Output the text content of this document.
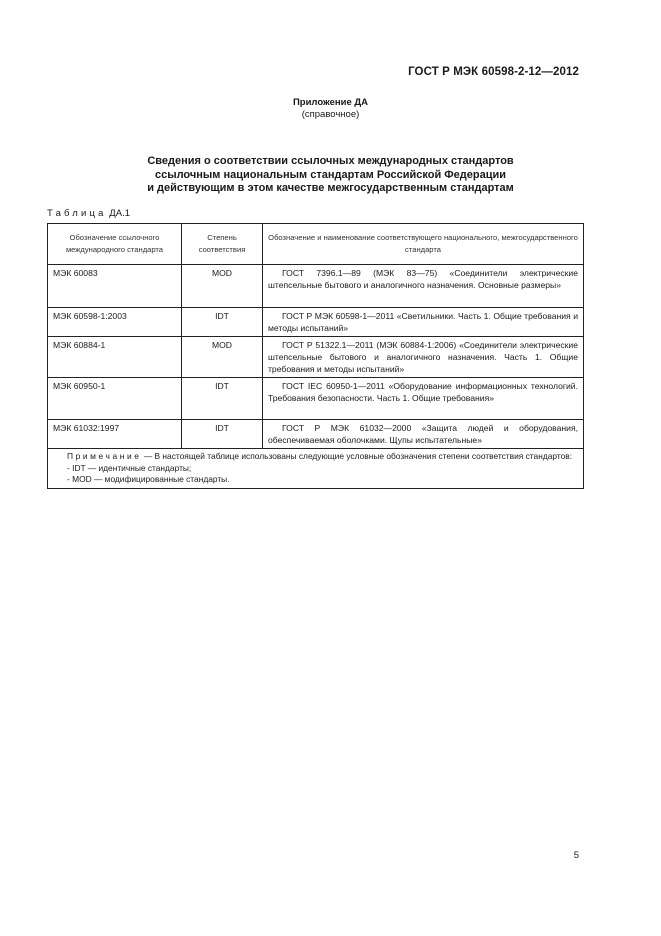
ГОСТ Р МЭК 60598-2-12—2012
Приложение ДА
(справочное)
Сведения о соответствии ссылочных международных стандартов
ссылочным национальным стандартам Российской Федерации
и действующим в этом качестве межгосударственным стандартам
Таблица ДА.1
Обозначение ссылочного международного стандарта	Степень соответствия	Обозначение и наименование соответствующего национального, межгосударственного стандарта
МЭК 60083	MOD	ГОСТ 7396.1—89 (МЭК 83—75) «Соединители электрические штепсельные бытового и аналогичного назначения. Основные размеры»

МЭК 60598-1:2003	IDT	ГОСТ Р МЭК 60598-1—2011 «Светильники. Часть 1. Общие требования и методы испытаний»

МЭК 60884-1	MOD	ГОСТ Р 51322.1—2011 (МЭК 60884-1:2006) «Соединители электрические штепсельные бытового и аналогичного назначения. Часть 1. Общие требования и методы испытаний»

МЭК 60950-1	IDT	ГОСТ IEC 60950-1—2011 «Оборудование информационных технологий. Требования безопасности. Часть 1. Общие требования»

МЭК 61032:1997	IDT	ГОСТ Р МЭК 61032—2000 «Защита людей и оборудования, обеспечиваемая оболочками. Щупы испытательные»

Примечание — В настоящей таблице использованы следующие условные обозначения степени соответствия стандартов:
- IDT — идентичные стандарты;
- MOD — модифицированные стандарты.		
5
